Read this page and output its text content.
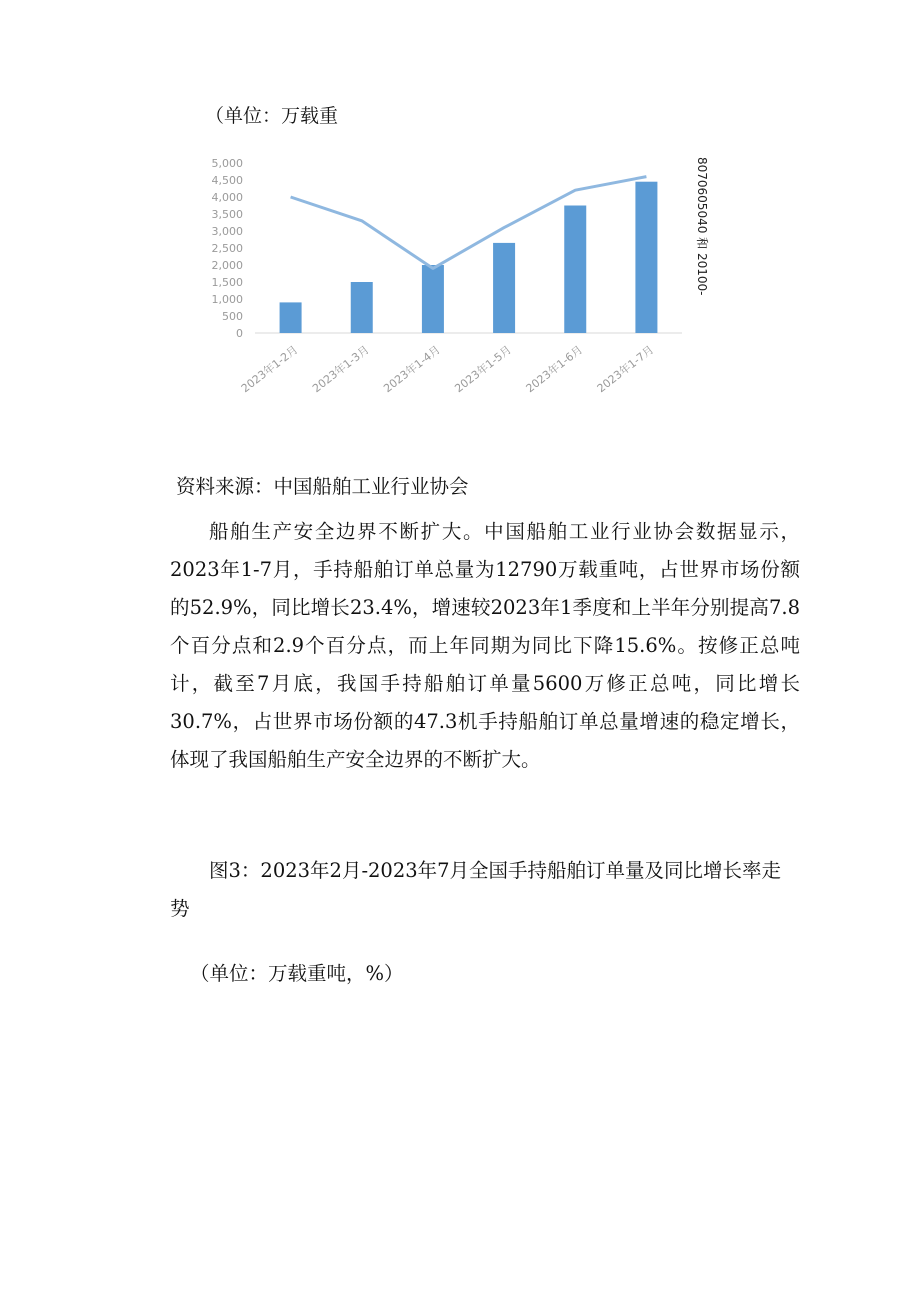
（单位：万载重
0
500
1,000
1,500
2,000
2,500
3,000
3,500
4,000
4,500
5,000
2023年1-2月 2023年1-3月 2023年1-4月 2023年1-5月 2023年1-6月 2023年1-7月
8070605040 和 20100-
资料来源：中国船舶工业行业协会
船舶生产安全边界不断扩大。中国船舶工业行业协会数据显示，2023年1-7月，手持船舶订单总量为12790万载重吨，占世界市场份额的52.9%，同比增长23.4%，增速较2023年1季度和上半年分别提高7.8个百分点和2.9个百分点，而上年同期为同比下降15.6%。按修正总吨计，截至7月底，我国手持船舶订单量5600万修正总吨，同比增长30.7%，占世界市场份额的47.3机手持船舶订单总量增速的稳定增长，体现了我国船舶生产安全边界的不断扩大。
图3：2023年2月-2023年7月全国手持船舶订单量及同比增长率走势
（单位：万载重吨，%）
